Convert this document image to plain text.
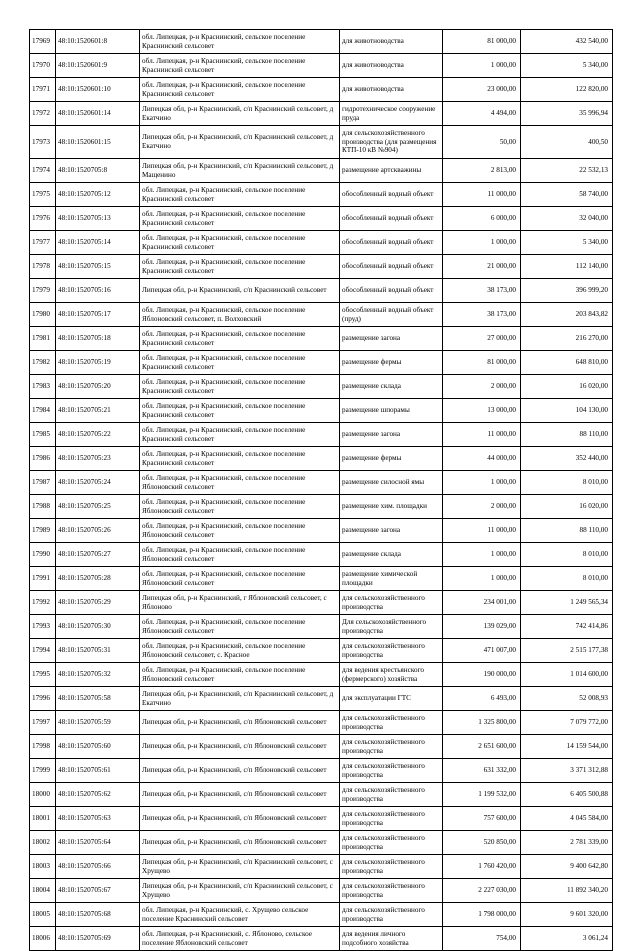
17969	48:10:1520601:8	обл. Липецкая, р-н Краснинский, сельское поселение Краснинский сельсовет	для животноводства	81 000,00	432 540,00
17970	48:10:1520601:9	обл. Липецкая, р-н Краснинский, сельское поселение Краснинский сельсовет	для животноводства	1 000,00	5 340,00
17971	48:10:1520601:10	обл. Липецкая, р-н Краснинский, сельское поселение Краснинский сельсовет	для животноводства	23 000,00	122 820,00
17972	48:10:1520601:14	Липецкая обл, р-н Краснинский, с/п Краснинский сельсовет, д Екатчино	гидротехническое сооружение пруда	4 494,00	35 996,94
17973	48:10:1520601:15	Липецкая обл, р-н Краснинский, с/п Краснинский сельсовет, д Екатчино	для сельскохозяйственного производства (для размещения КТП-10 кВ №904)	50,00	400,50
17974	48:10:1520705:8	Липецкая обл, р-н Краснинский, с/п Краснинский сельсовет, д Мащенино	размещение артскважины	2 813,00	22 532,13
17975	48:10:1520705:12	обл. Липецкая, р-н Краснинский, сельское поселение Краснинский сельсовет	обособленный водный объект	11 000,00	58 740,00
17976	48:10:1520705:13	обл. Липецкая, р-н Краснинский, сельское поселение Краснинский сельсовет	обособленный водный объект	6 000,00	32 040,00
17977	48:10:1520705:14	обл. Липецкая, р-н Краснинский, сельское поселение Краснинский сельсовет	обособленный водный объект	1 000,00	5 340,00
17978	48:10:1520705:15	обл. Липецкая, р-н Краснинский, сельское поселение Краснинский сельсовет	обособленный водный объект	21 000,00	112 140,00
17979	48:10:1520705:16	Липецкая обл, р-н Краснинский, с/п Краснинский сельсовет	обособленный водный объект	38 173,00	396 999,20
17980	48:10:1520705:17	обл. Липецкая, р-н Краснинский, сельское поселение Яблоновский сельсовет, п. Волховский	обособленный водный объект (пруд)	38 173,00	203 843,82
17981	48:10:1520705:18	обл. Липецкая, р-н Краснинский, сельское поселение Краснинский сельсовет	размещение загона	27 000,00	216 270,00
17982	48:10:1520705:19	обл. Липецкая, р-н Краснинский, сельское поселение Краснинский сельсовет	размещение фермы	81 000,00	648 810,00
17983	48:10:1520705:20	обл. Липецкая, р-н Краснинский, сельское поселение Краснинский сельсовет	размещение склада	2 000,00	16 020,00
17984	48:10:1520705:21	обл. Липецкая, р-н Краснинский, сельское поселение Краснинский сельсовет	размещение шпорамы	13 000,00	104 130,00
17985	48:10:1520705:22	обл. Липецкая, р-н Краснинский, сельское поселение Краснинский сельсовет	размещение загона	11 000,00	88 110,00
17986	48:10:1520705:23	обл. Липецкая, р-н Краснинский, сельское поселение Краснинский сельсовет	размещение фермы	44 000,00	352 440,00
17987	48:10:1520705:24	обл. Липецкая, р-н Краснинский, сельское поселение Яблоновский сельсовет	размещение силосной ямы	1 000,00	8 010,00
17988	48:10:1520705:25	обл. Липецкая, р-н Краснинский, сельское поселение Яблоновский сельсовет	размещение хим. площадки	2 000,00	16 020,00
17989	48:10:1520705:26	обл. Липецкая, р-н Краснинский, сельское поселение Яблоновский сельсовет	размещение загона	11 000,00	88 110,00
17990	48:10:1520705:27	обл. Липецкая, р-н Краснинский, сельское поселение Яблоновский сельсовет	размещение склада	1 000,00	8 010,00
17991	48:10:1520705:28	обл. Липецкая, р-н Краснинский, сельское поселение Яблоновский сельсовет	размещение химической площадки	1 000,00	8 010,00
17992	48:10:1520705:29	Липецкая обл, р-н Краснинский, г Яблоновский сельсовет, с Яблоново	для сельскохозяйственного производства	234 001,00	1 249 565,34
17993	48:10:1520705:30	обл. Липецкая, р-н Краснинский, сельское поселение Яблоновский сельсовет	Для сельскохозяйственного производства	139 029,00	742 414,86
17994	48:10:1520705:31	обл. Липецкая, р-н Краснинский, сельское поселение Яблоновский сельсовет, с. Красное	для сельскохозяйственного производства	471 007,00	2 515 177,38
17995	48:10:1520705:32	обл. Липецкая, р-н Краснинский, сельское поселение Яблоновский сельсовет	для ведения крестьянского (фермерского) хозяйства	190 000,00	1 014 600,00
17996	48:10:1520705:58	Липецкая обл, р-н Краснинский, с/п Краснинский сельсовет, д Екатчино	для эксплуатации ГТС	6 493,00	52 008,93
17997	48:10:1520705:59	Липецкая обл, р-н Краснинский, с/п Яблоновский сельсовет	для сельскохозяйственного производства	1 325 800,00	7 079 772,00
17998	48:10:1520705:60	Липецкая обл, р-н Краснинский, с/п Яблоновский сельсовет	для сельскохозяйственного производства	2 651 600,00	14 159 544,00
17999	48:10:1520705:61	Липецкая обл, р-н Краснинский, с/п Яблоновский сельсовет	для сельскохозяйственного производства	631 332,00	3 371 312,88
18000	48:10:1520705:62	Липецкая обл, р-н Краснинский, с/п Яблоновский сельсовет	для сельскохозяйственного производства	1 199 532,00	6 405 500,88
18001	48:10:1520705:63	Липецкая обл, р-н Краснинский, с/п Яблоновский сельсовет	для сельскохозяйственного производства	757 600,00	4 045 584,00
18002	48:10:1520705:64	Липецкая обл, р-н Краснинский, с/п Яблоновский сельсовет	для сельскохозяйственного производства	520 850,00	2 781 339,00
18003	48:10:1520705:66	Липецкая обл, р-н Краснинский, с/п Краснинский сельсовет, с Хрущево	для сельскохозяйственного производства	1 760 420,00	9 400 642,80
18004	48:10:1520705:67	Липецкая обл, р-н Краснинский, с/п Краснинский сельсовет, с Хрущево	для сельскохозяйственного производства	2 227 030,00	11 892 340,20
18005	48:10:1520705:68	обл. Липецкая, р-н Краснинский, с. Хрущево сельское поселение Краснинский сельсовет	для сельскохозяйственного производства	1 798 000,00	9 601 320,00
18006	48:10:1520705:69	обл. Липецкая, р-н Краснинский, с. Яблоново, сельское поселение Яблоновский сельсовет	для ведения личного подсобного хозяйства	754,00	3 061,24
